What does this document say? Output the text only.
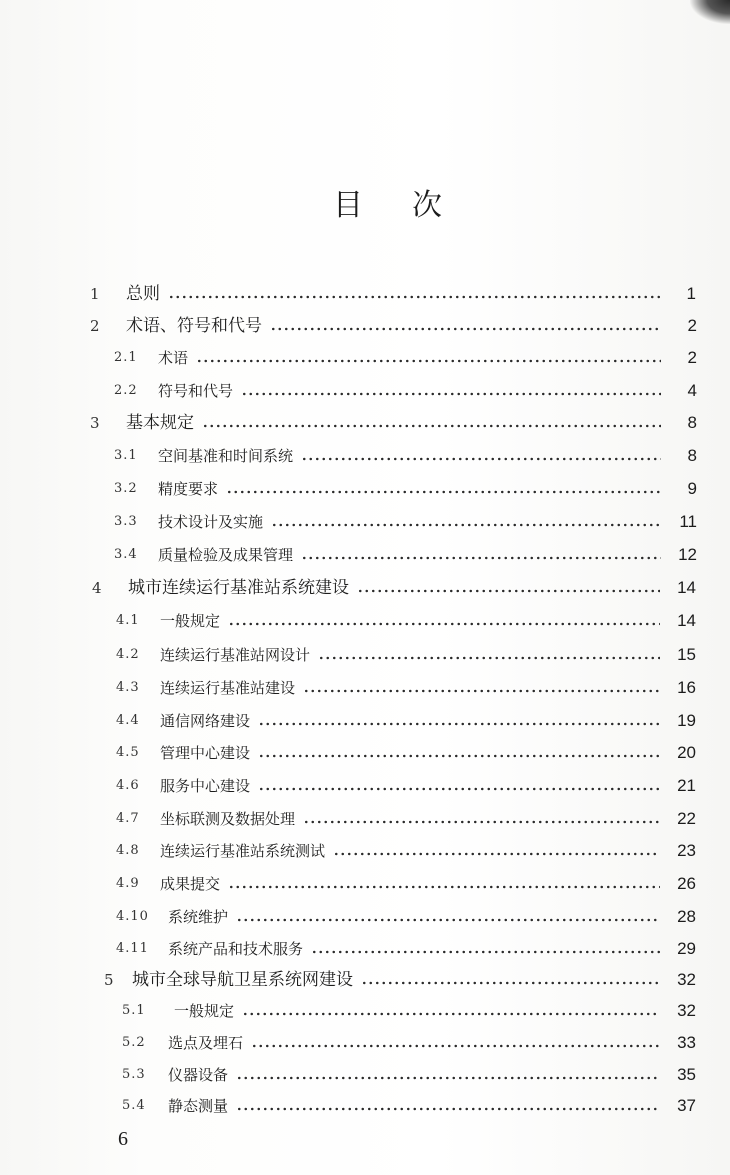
目 次
1	总则	1
2	术语、符号和代号	2
2.1	术语	2
2.2	符号和代号	4
3	基本规定	8
3.1	空间基准和时间系统	8
3.2	精度要求	9
3.3	技术设计及实施	11
3.4	质量检验及成果管理	12
4	城市连续运行基准站系统建设	14
4.1	一般规定	14
4.2	连续运行基准站网设计	15
4.3	连续运行基准站建设	16
4.4	通信网络建设	19
4.5	管理中心建设	20
4.6	服务中心建设	21
4.7	坐标联测及数据处理	22
4.8	连续运行基准站系统测试	23
4.9	成果提交	26
4.10	系统维护	28
4.11	系统产品和技术服务	29
5	城市全球导航卫星系统网建设	32
5.1	一般规定	32
5.2	选点及埋石	33
5.3	仪器设备	35
5.4	静态测量	37
6
